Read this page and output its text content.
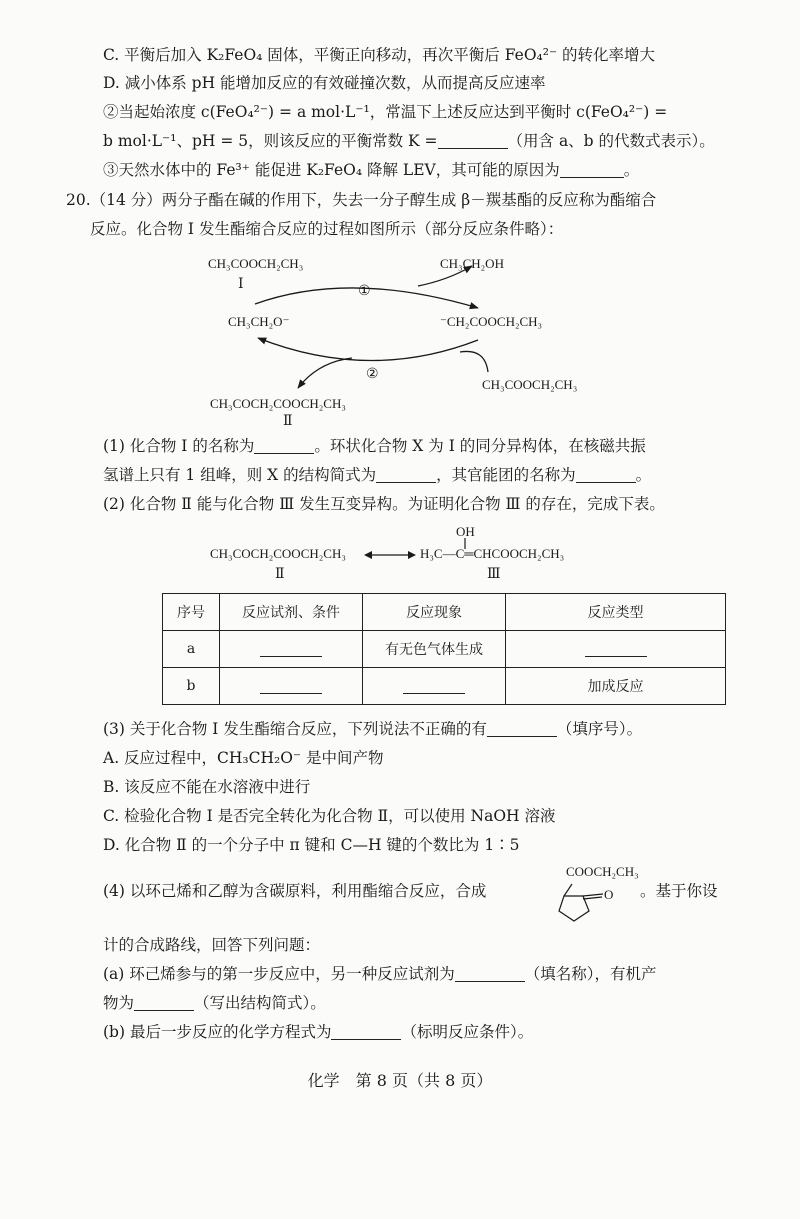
C. 平衡后加入 K₂FeO₄ 固体，平衡正向移动，再次平衡后 FeO₄²⁻ 的转化率增大
D. 减小体系 pH 能增加反应的有效碰撞次数，从而提高反应速率
②当起始浓度 c(FeO₄²⁻) = a mol·L⁻¹，常温下上述反应达到平衡时 c(FeO₄²⁻) =
b mol·L⁻¹、pH = 5，则该反应的平衡常数 K =	（用含 a、b 的代数式表示）。
③天然水体中的 Fe³⁺ 能促进 K₂FeO₄ 降解 LEV，其可能的原因为	。
20.（14 分）两分子酯在碱的作用下，失去一分子醇生成 β－羰基酯的反应称为酯缩合
反应。化合物 Ⅰ 发生酯缩合反应的过程如图所示（部分反应条件略）：
CH₃COOCH₂CH₃
Ⅰ
CH₃CH₂OH
①
CH₃CH₂O⁻	⁻CH₂COOCH₂CH₃
②
CH₃COOCH₂CH₃
CH₃COCH₂COOCH₂CH₃
Ⅱ
(1) 化合物 Ⅰ 的名称为	。环状化合物 X 为 Ⅰ 的同分异构体，在核磁共振
氢谱上只有 1 组峰，则 X 的结构简式为	，其官能团的名称为	。
(2) 化合物 Ⅱ 能与化合物 Ⅲ 发生互变异构。为证明化合物 Ⅲ 的存在，完成下表。
CH₃COCH₂COOCH₂CH₃
Ⅱ
OH
H₃C—C═CHCOOCH₂CH₃
Ⅲ
序号	反应试剂、条件	反应现象	反应类型
a		有无色气体生成	
b			加成反应
(3) 关于化合物 Ⅰ 发生酯缩合反应，下列说法不正确的有	（填序号）。
A. 反应过程中，CH₃CH₂O⁻ 是中间产物
B. 该反应不能在水溶液中进行
C. 检验化合物 Ⅰ 是否完全转化为化合物 Ⅱ，可以使用 NaOH 溶液
D. 化合物 Ⅱ 的一个分子中 π 键和 C—H 键的个数比为 1∶5
(4) 以环己烯和乙醇为含碳原料，利用酯缩合反应，合成
COOCH₂CH₃
O 。基于你设
计的合成路线，回答下列问题：
(a) 环己烯参与的第一步反应中，另一种反应试剂为	（填名称），有机产
物为	（写出结构简式）。
(b) 最后一步反应的化学方程式为	（标明反应条件）。
化学　第 8 页（共 8 页）
